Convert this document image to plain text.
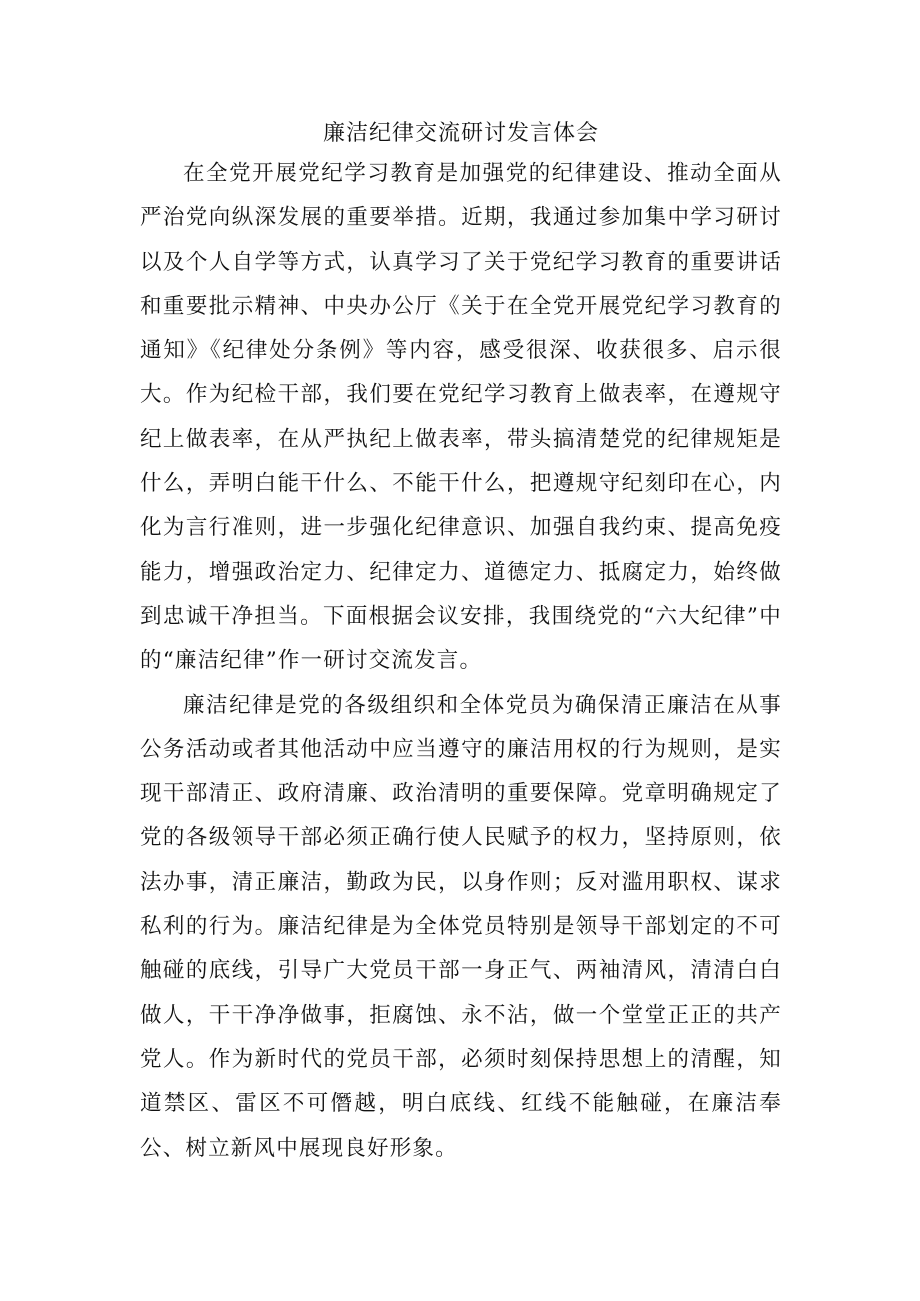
廉洁纪律交流研讨发言体会

在全党开展党纪学习教育是加强党的纪律建设、推动全面从严治党向纵深发展的重要举措。近期，我通过参加集中学习研讨以及个人自学等方式，认真学习了关于党纪学习教育的重要讲话和重要批示精神、中央办公厅《关于在全党开展党纪学习教育的通知》《纪律处分条例》等内容，感受很深、收获很多、启示很大。作为纪检干部，我们要在党纪学习教育上做表率，在遵规守纪上做表率，在从严执纪上做表率，带头搞清楚党的纪律规矩是什么，弄明白能干什么、不能干什么，把遵规守纪刻印在心，内化为言行准则，进一步强化纪律意识、加强自我约束、提高免疫能力，增强政治定力、纪律定力、道德定力、抵腐定力，始终做到忠诚干净担当。下面根据会议安排，我围绕党的“六大纪律”中的“廉洁纪律”作一研讨交流发言。

廉洁纪律是党的各级组织和全体党员为确保清正廉洁在从事公务活动或者其他活动中应当遵守的廉洁用权的行为规则，是实现干部清正、政府清廉、政治清明的重要保障。党章明确规定了党的各级领导干部必须正确行使人民赋予的权力，坚持原则，依法办事，清正廉洁，勤政为民，以身作则；反对滥用职权、谋求私利的行为。廉洁纪律是为全体党员特别是领导干部划定的不可触碰的底线，引导广大党员干部一身正气、两袖清风，清清白白做人，干干净净做事，拒腐蚀、永不沾，做一个堂堂正正的共产党人。作为新时代的党员干部，必须时刻保持思想上的清醒，知道禁区、雷区不可僭越，明白底线、红线不能触碰，在廉洁奉公、树立新风中展现良好形象。
